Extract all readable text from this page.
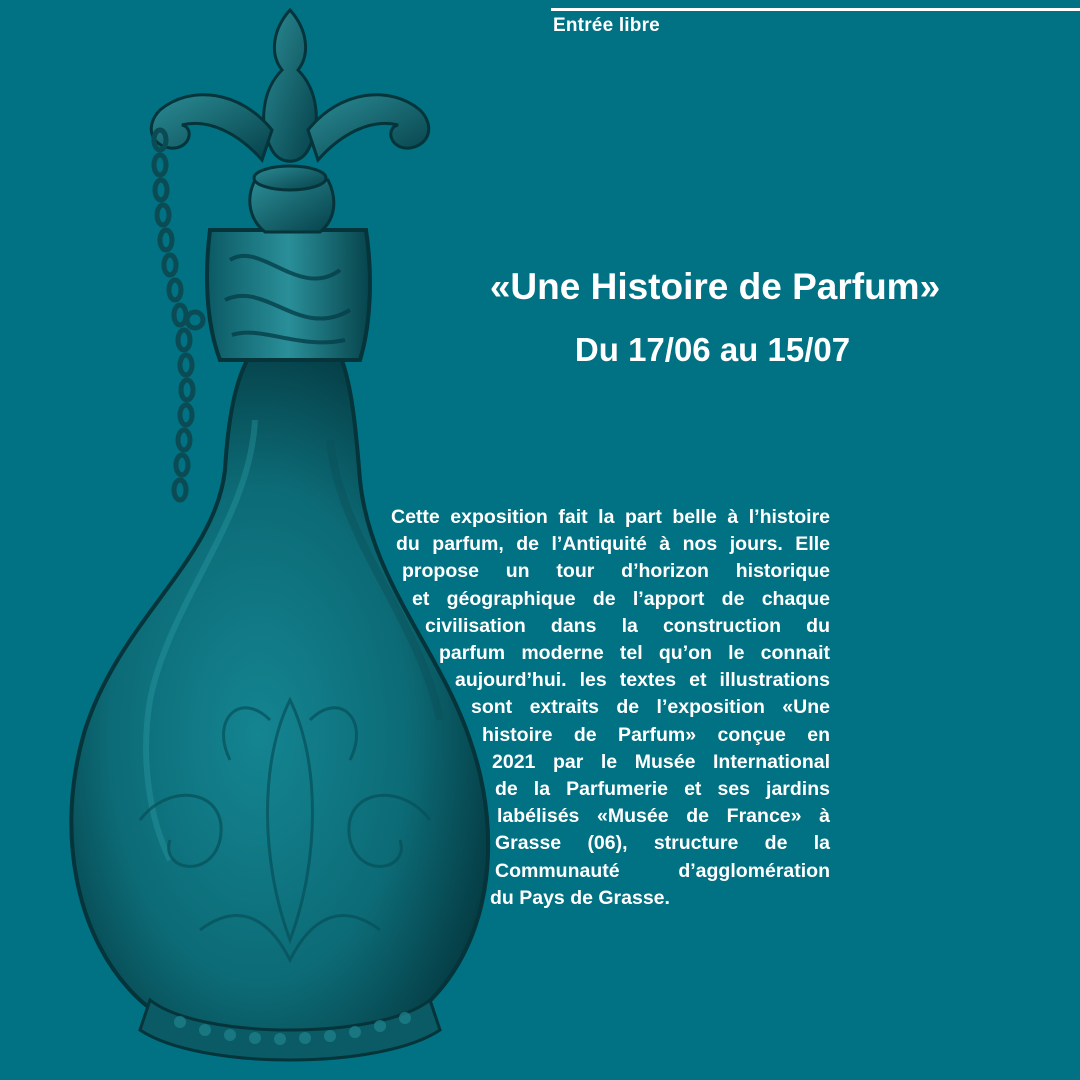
Entrée libre
«Une Histoire de Parfum»
Du 17/06 au 15/07
Cette exposition fait la part belle à l’histoire
du parfum, de l’Antiquité à nos jours. Elle
propose un tour d’horizon historique
et géographique de l’apport de chaque
civilisation dans la construction du
parfum moderne tel qu’on le connait
aujourd’hui. les textes et illustrations
sont extraits de l’exposition «Une
histoire de Parfum» conçue en
2021 par le Musée International
de la Parfumerie et ses jardins
labélisés «Musée de France» à
Grasse (06), structure de la
Communauté d’agglomération
du Pays de Grasse.
